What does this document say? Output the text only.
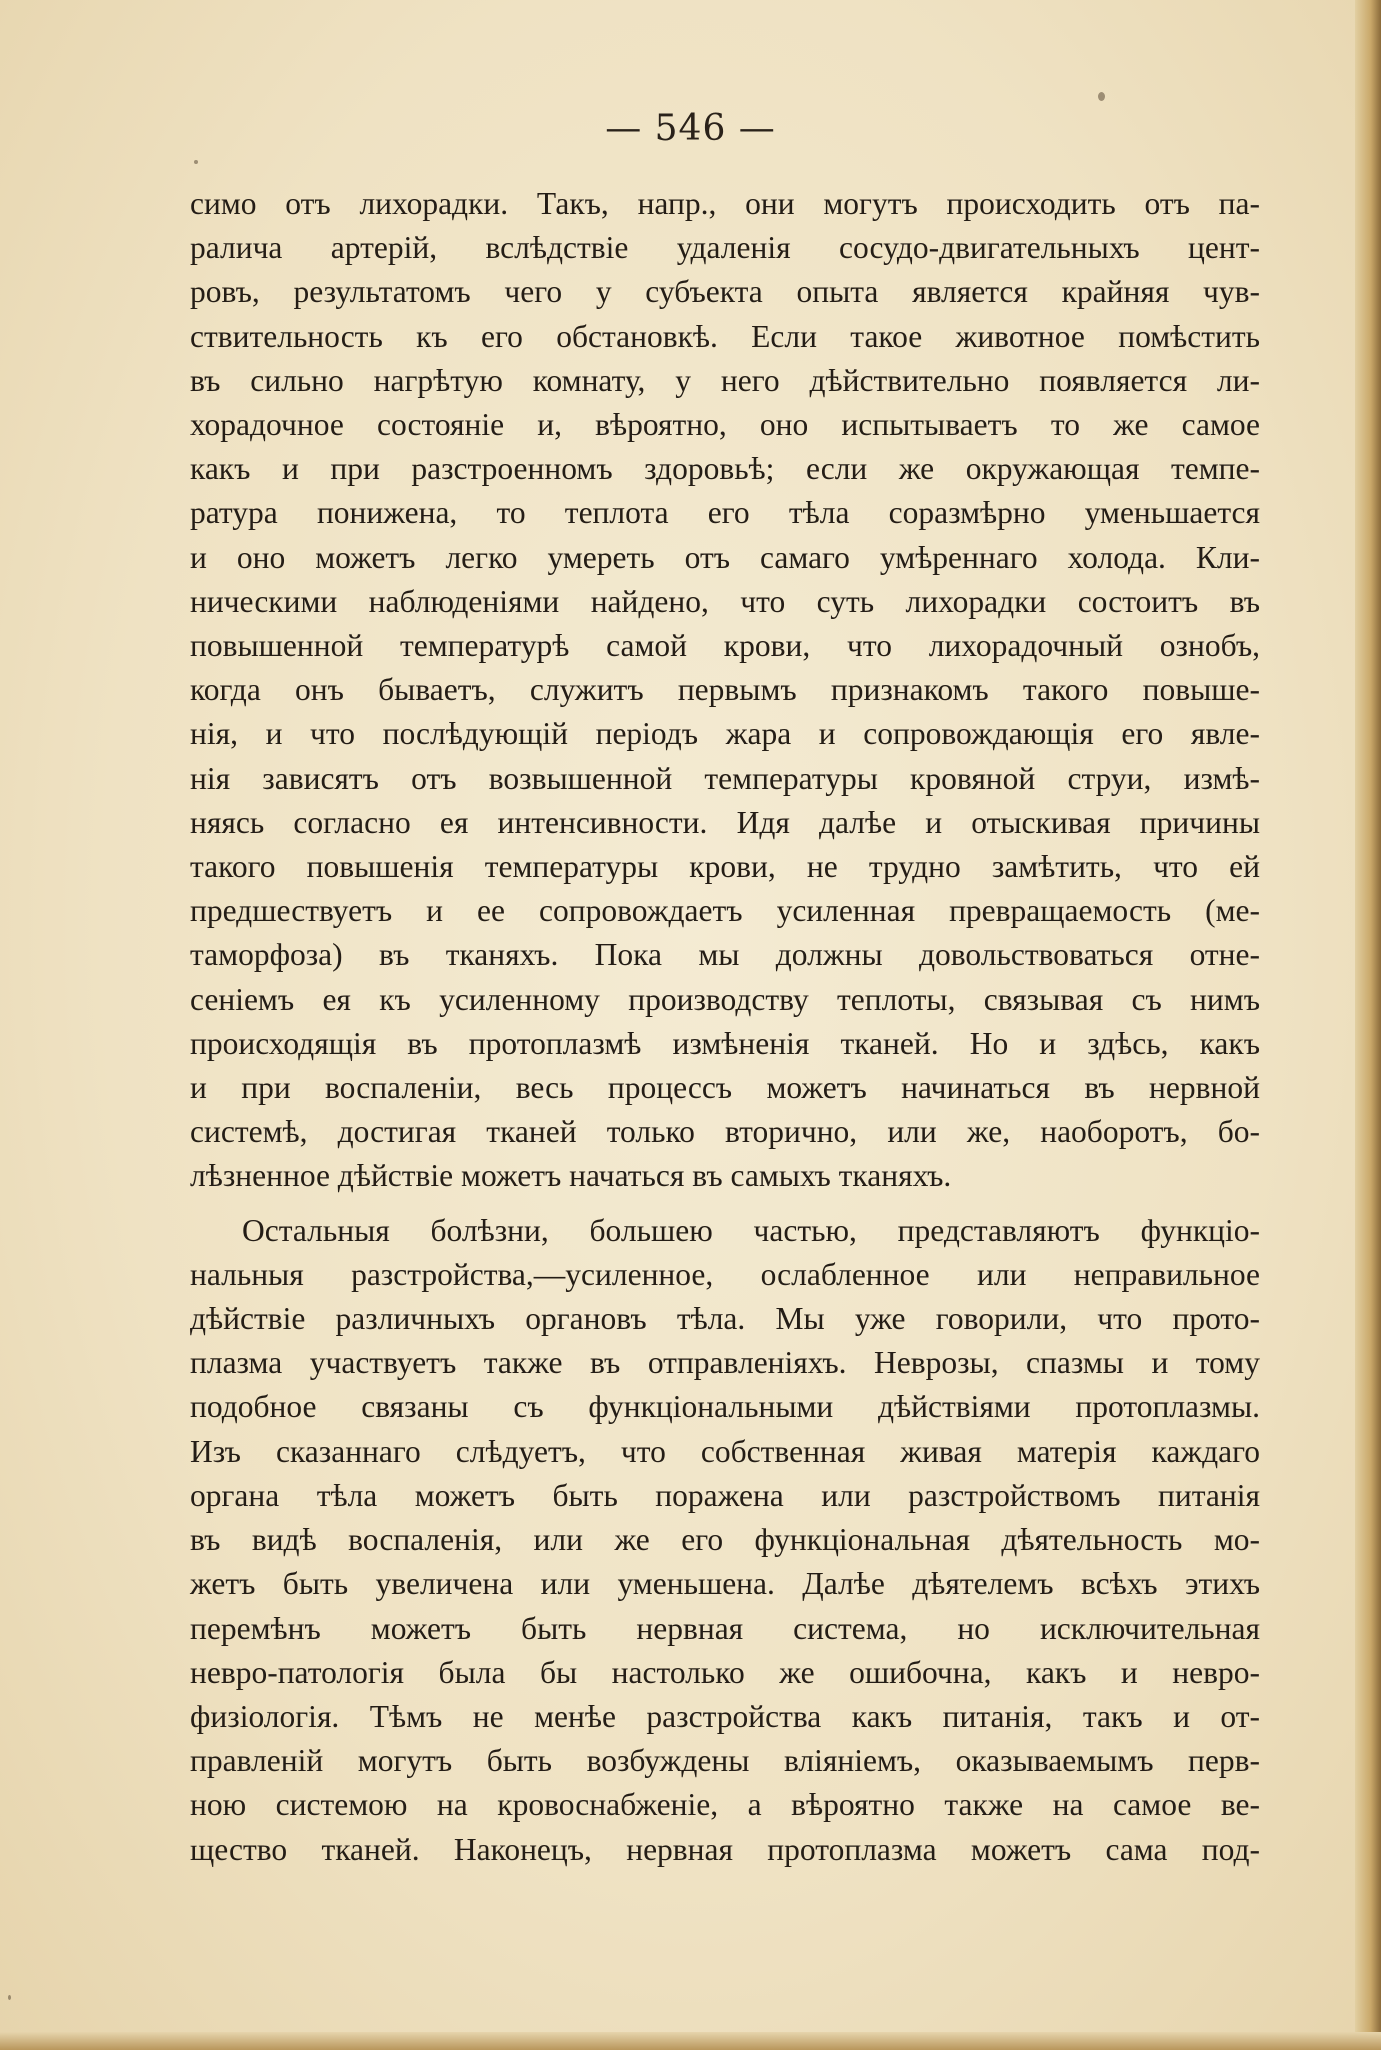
— 546 —
симо отъ лихорадки. Такъ, напр., они могутъ происходить отъ па-
ралича артерій, вслѣдствіе удаленія сосудо-двигательныхъ цент-
ровъ, результатомъ чего у субъекта опыта является крайняя чув-
ствительность къ его обстановкѣ. Если такое животное помѣстить
въ сильно нагрѣтую комнату, у него дѣйствительно появляется ли-
хорадочное состояніе и, вѣроятно, оно испытываетъ то же самое
какъ и при разстроенномъ здоровьѣ; если же окружающая темпе-
ратура понижена, то теплота его тѣла соразмѣрно уменьшается
и оно можетъ легко умереть отъ самаго умѣреннаго холода. Кли-
ническими наблюденіями найдено, что суть лихорадки состоитъ въ
повышенной температурѣ самой крови, что лихорадочный ознобъ,
когда онъ бываетъ, служитъ первымъ признакомъ такого повыше-
нія, и что послѣдующій періодъ жара и сопровождающія его явле-
нія зависятъ отъ возвышенной температуры кровяной струи, измѣ-
няясь согласно ея интенсивности. Идя далѣе и отыскивая причины
такого повышенія температуры крови, не трудно замѣтить, что ей
предшествуетъ и ее сопровождаетъ усиленная превращаемость (ме-
таморфоза) въ тканяхъ. Пока мы должны довольствоваться отне-
сеніемъ ея къ усиленному производству теплоты, связывая съ нимъ
происходящія въ протоплазмѣ измѣненія тканей. Но и здѣсь, какъ
и при воспаленіи, весь процессъ можетъ начинаться въ нервной
системѣ, достигая тканей только вторично, или же, наоборотъ, бо-
лѣзненное дѣйствіе можетъ начаться въ самыхъ тканяхъ.
Остальныя болѣзни, большею частью, представляютъ функціо-
нальныя разстройства,—усиленное, ослабленное или неправильное
дѣйствіе различныхъ органовъ тѣла. Мы уже говорили, что прото-
плазма участвуетъ также въ отправленіяхъ. Неврозы, спазмы и тому
подобное связаны съ функціональными дѣйствіями протоплазмы.
Изъ сказаннаго слѣдуетъ, что собственная живая матерія каждаго
органа тѣла можетъ быть поражена или разстройствомъ питанія
въ видѣ воспаленія, или же его функціональная дѣятельность мо-
жетъ быть увеличена или уменьшена. Далѣе дѣятелемъ всѣхъ этихъ
перемѣнъ можетъ быть нервная система, но исключительная
невро-патологія была бы настолько же ошибочна, какъ и невро-
физіологія. Тѣмъ не менѣе разстройства какъ питанія, такъ и от-
правленій могутъ быть возбуждены вліяніемъ, оказываемымъ перв-
ною системою на кровоснабженіе, а вѣроятно также на самое ве-
щество тканей. Наконецъ, нервная протоплазма можетъ сама под-
